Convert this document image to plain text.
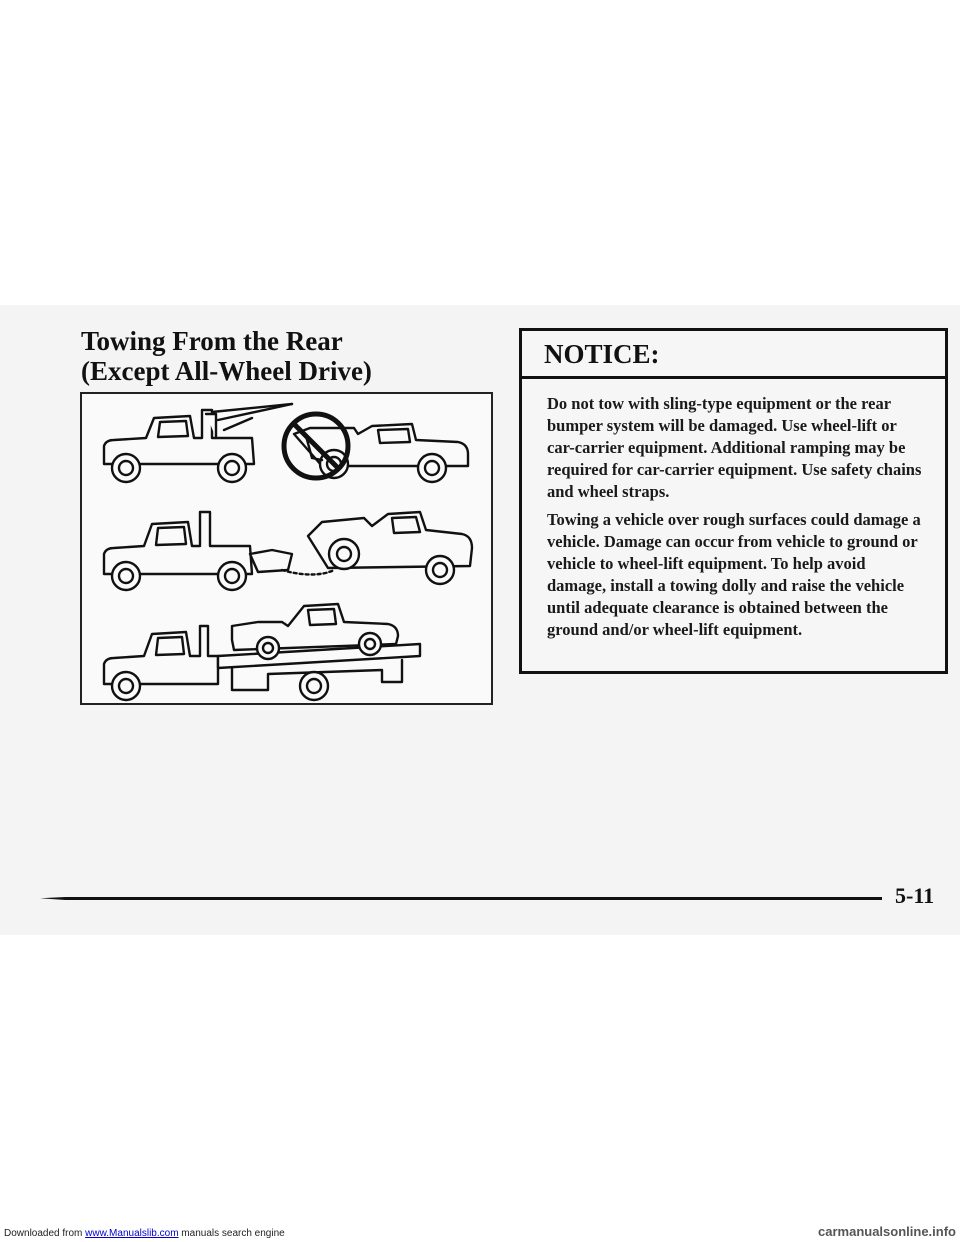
Towing From the Rear
(Except All-Wheel Drive)
NOTICE:

Do not tow with sling-type equipment or the rear bumper system will be damaged. Use wheel-lift or car-carrier equipment. Additional ramping may be required for car-carrier equipment. Use safety chains and wheel straps.

Towing a vehicle over rough surfaces could damage a vehicle. Damage can occur from vehicle to ground or vehicle to wheel-lift equipment. To help avoid damage, install a towing dolly and raise the vehicle until adequate clearance is obtained between the ground and/or wheel-lift equipment.

5-11
Downloaded from www.Manualslib.com manuals search engine	carmanualsonline.info
